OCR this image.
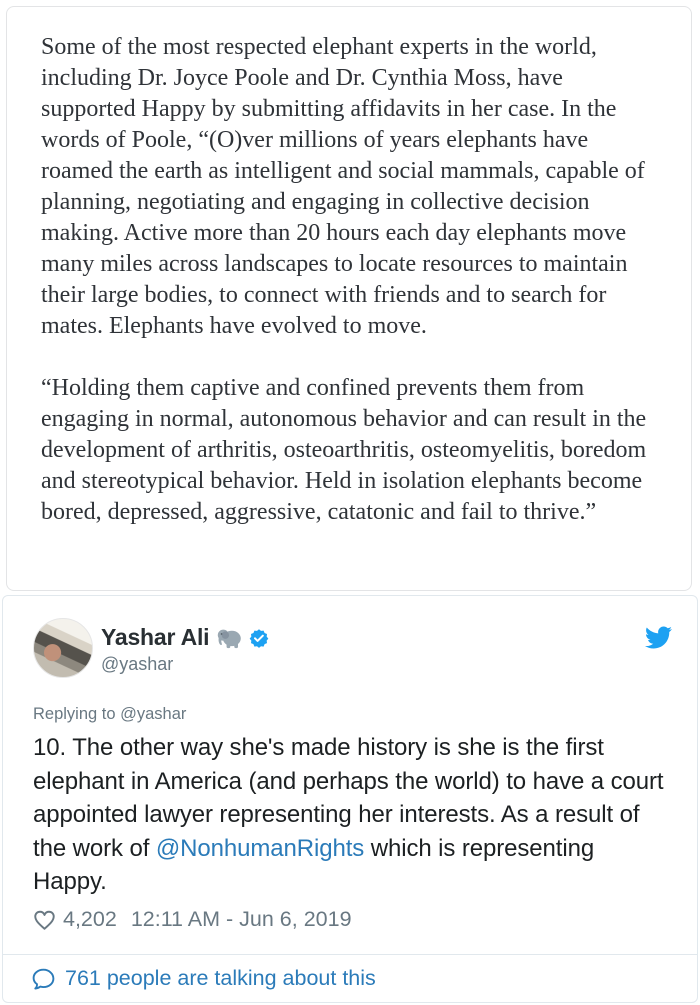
Some of the most respected elephant experts in the world, including Dr. Joyce Poole and Dr. Cynthia Moss, have supported Happy by submitting affidavits in her case. In the words of Poole, “(O)ver millions of years elephants have roamed the earth as intelligent and social mammals, capable of planning, negotiating and engaging in collective decision making. Active more than 20 hours each day elephants move many miles across landscapes to locate resources to maintain their large bodies, to connect with friends and to search for mates. Elephants have evolved to move.

“Holding them captive and confined prevents them from engaging in normal, autonomous behavior and can result in the development of arthritis, osteoarthritis, osteomyelitis, boredom and stereotypical behavior. Held in isolation elephants become bored, depressed, aggressive, catatonic and fail to thrive.”

Yashar Ali
@yashar
Replying to @yashar
10. The other way she's made history is she is the first elephant in America (and perhaps the world) to have a court appointed lawyer representing her interests. As a result of the work of @NonhumanRights which is representing Happy.
4,202 12:11 AM - Jun 6, 2019
761 people are talking about this
